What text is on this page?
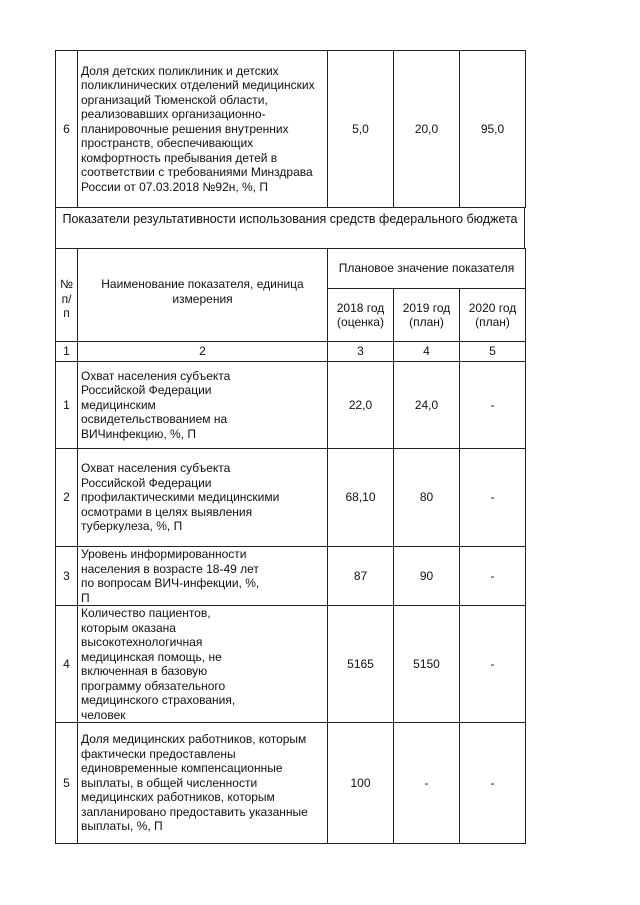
6	Доля детских поликлиник и детских поликлинических отделений медицинских организаций Тюменской области, реализовавших организационно-планировочные решения внутренних пространств, обеспечивающих комфортность пребывания детей в соответствии с требованиями Минздрава России от 07.03.2018 №92н, %, П	5,0	20,0	95,0
Показатели результативности использования средств федерального бюджета
№ п/п	Наименование показателя, единица измерения	Плановое значение показателя		
		2018 год (оценка)	2019 год (план)	2020 год (план)
1	2	3	4	5
1	Охват населения субъекта Российской Федерации медицинским освидетельствованием на ВИЧинфекцию, %, П	22,0	24,0	-
2	Охват населения субъекта Российской Федерации профилактическими медицинскими осмотрами в целях выявления туберкулеза, %, П	68,10	80	-
3	Уровень информированности населения в возрасте 18-49 лет по вопросам ВИЧ-инфекции, %, П	87	90	-
4	Количество пациентов, которым оказана высокотехнологичная медицинская помощь, не включенная в базовую программу обязательного медицинского страхования, человек	5165	5150	-
5	Доля медицинских работников, которым фактически предоставлены единовременные компенсационные выплаты, в общей численности медицинских работников, которым запланировано предоставить указанные выплаты, %, П	100	-	-
